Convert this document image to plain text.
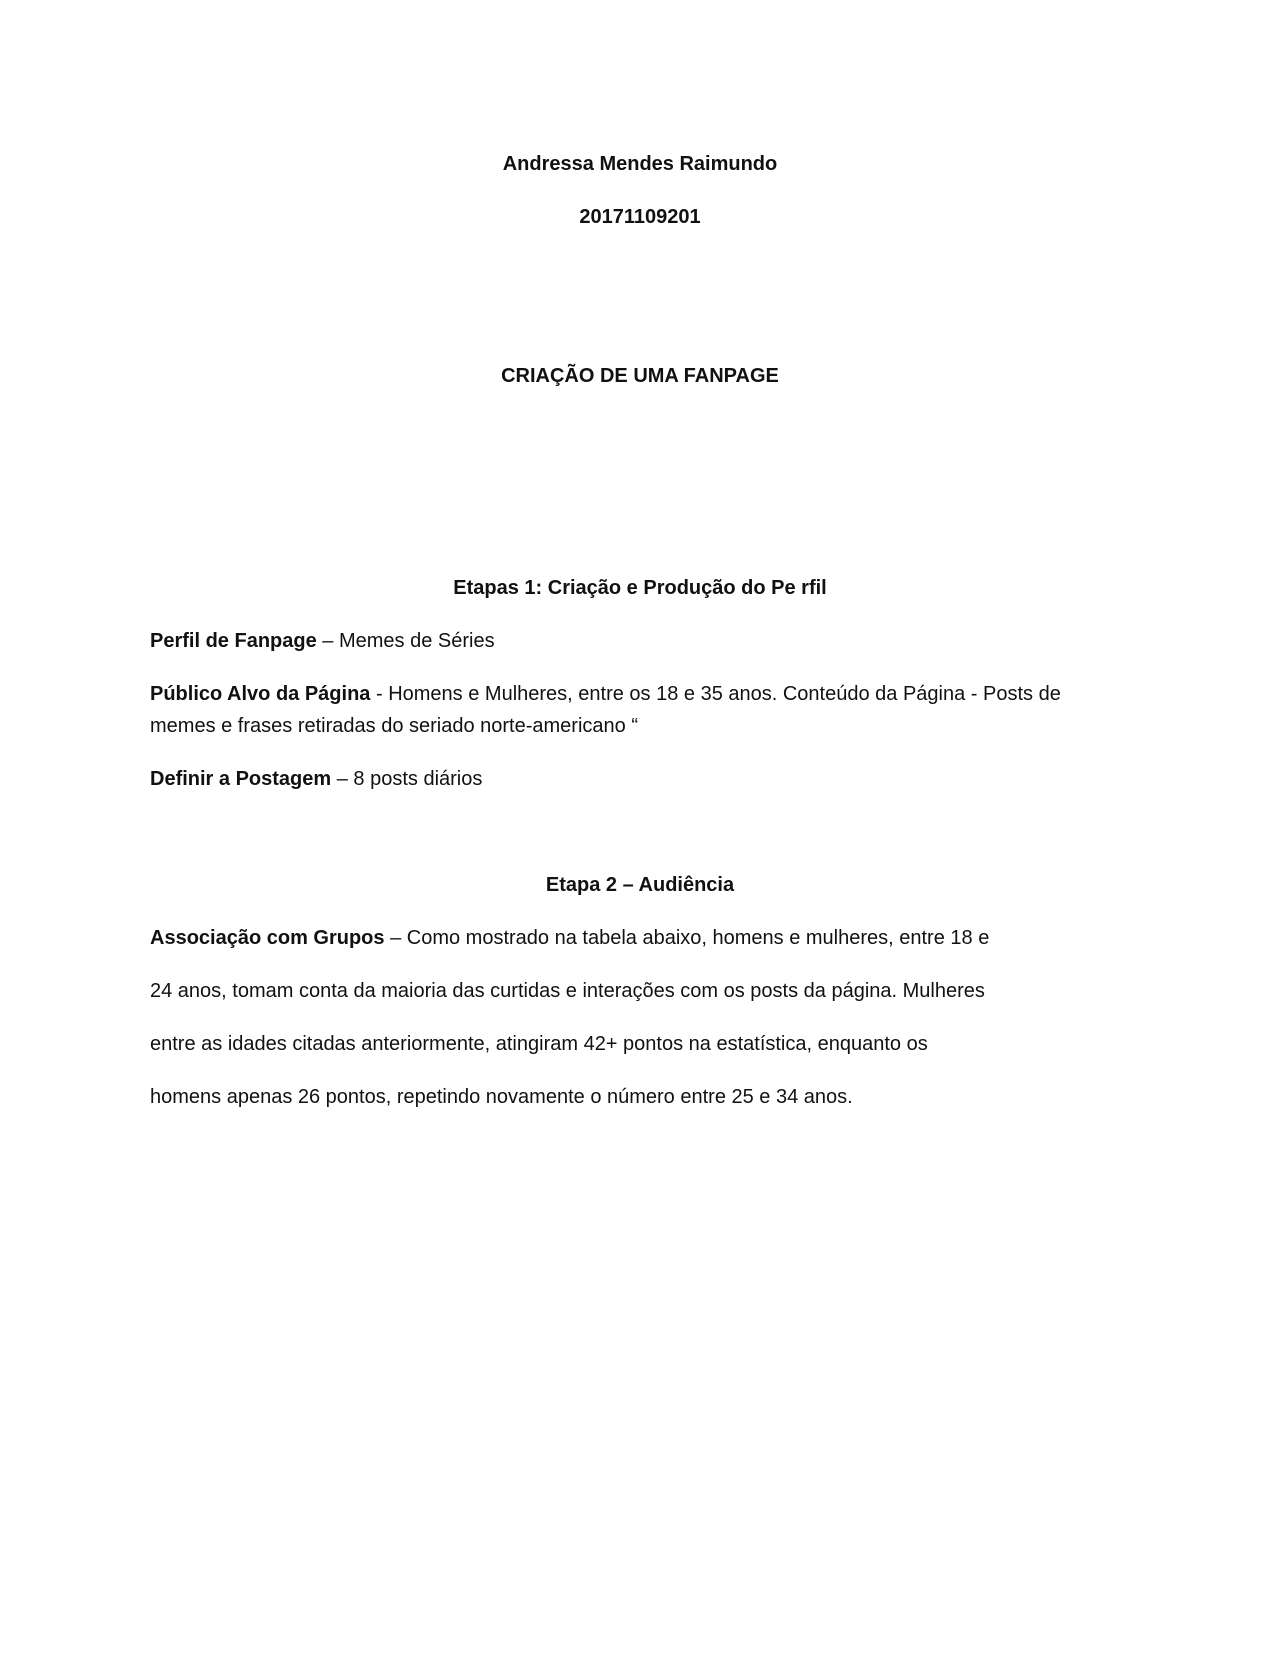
Andressa Mendes Raimundo
20171109201
CRIAÇÃO DE UMA FANPAGE
Etapas 1: Criação e Produção do Pe rfil
Perfil de Fanpage – Memes de Séries
Público Alvo da Página - Homens e Mulheres, entre os 18 e 35 anos. Conteúdo da Página - Posts de
memes e frases retiradas do seriado norte-americano “
Definir a Postagem – 8 posts diários
Etapa 2 – Audiência
Associação com Grupos – Como mostrado na tabela abaixo, homens e mulheres, entre 18 e
24 anos, tomam conta da maioria das curtidas e interações com os posts da página. Mulheres
entre as idades citadas anteriormente, atingiram 42+ pontos na estatística, enquanto os
homens apenas 26 pontos, repetindo novamente o número entre 25 e 34 anos.
